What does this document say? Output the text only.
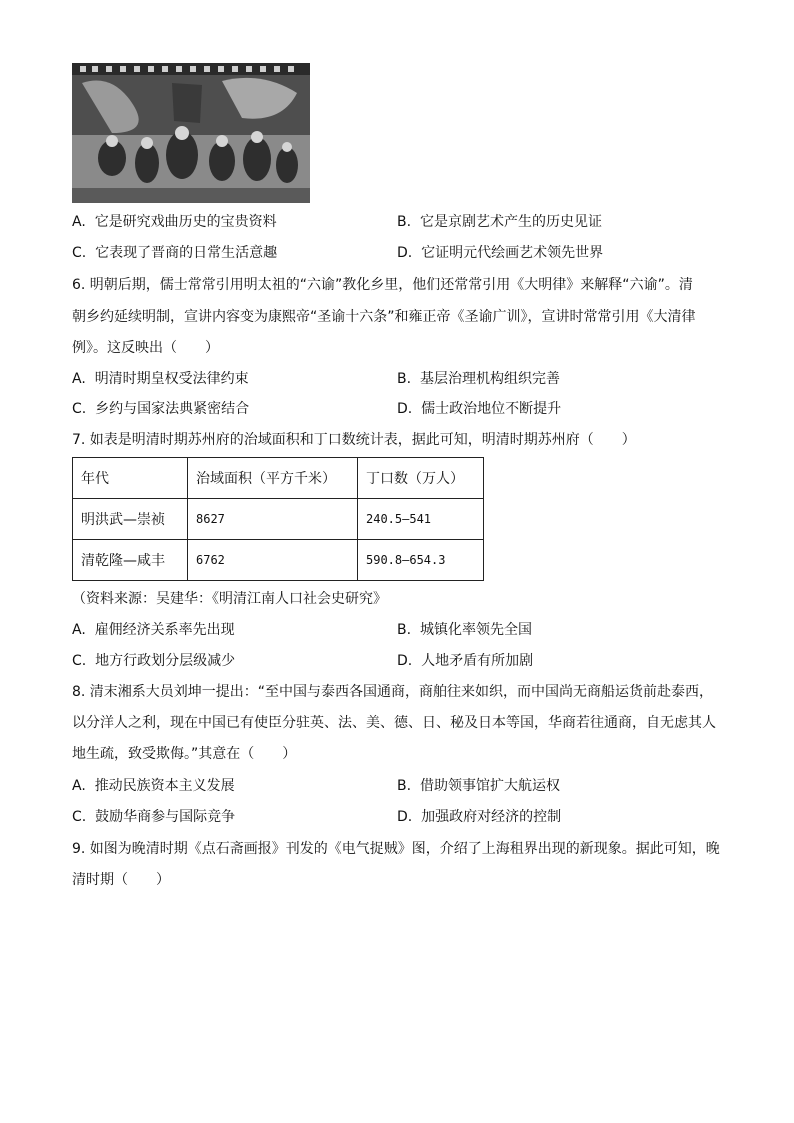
A. 它是研究戏曲历史的宝贵资料	B. 它是京剧艺术产生的历史见证
C. 它表现了晋商的日常生活意趣	D. 它证明元代绘画艺术领先世界
6. 明朝后期，儒士常常引用明太祖的“六谕”教化乡里，他们还常常引用《大明律》来解释“六谕”。清
朝乡约延续明制，宣讲内容变为康熙帝“圣谕十六条”和雍正帝《圣谕广训》，宣讲时常常引用《大清律
例》。这反映出（　　）
A. 明清时期皇权受法律约束	B. 基层治理机构组织完善
C. 乡约与国家法典紧密结合	D. 儒士政治地位不断提升
7. 如表是明清时期苏州府的治域面积和丁口数统计表，据此可知，明清时期苏州府（　　）
年代	治域面积（平方千米）	丁口数（万人）
明洪武—崇祯	8627	240.5—541
清乾隆—咸丰	6762	590.8—654.3
（资料来源：吴建华：《明清江南人口社会史研究》
A. 雇佣经济关系率先出现	B. 城镇化率领先全国
C. 地方行政划分层级减少	D. 人地矛盾有所加剧
8. 清末湘系大员刘坤一提出：“至中国与泰西各国通商，商舶往来如织，而中国尚无商船运货前赴泰西，
以分洋人之利，现在中国已有使臣分驻英、法、美、德、日、秘及日本等国，华商若往通商，自无虑其人
地生疏，致受欺侮。”其意在（　　）
A. 推动民族资本主义发展	B. 借助领事馆扩大航运权
C. 鼓励华商参与国际竞争	D. 加强政府对经济的控制
9. 如图为晚清时期《点石斋画报》刊发的《电气捉贼》图，介绍了上海租界出现的新现象。据此可知，晚
清时期（　　）
